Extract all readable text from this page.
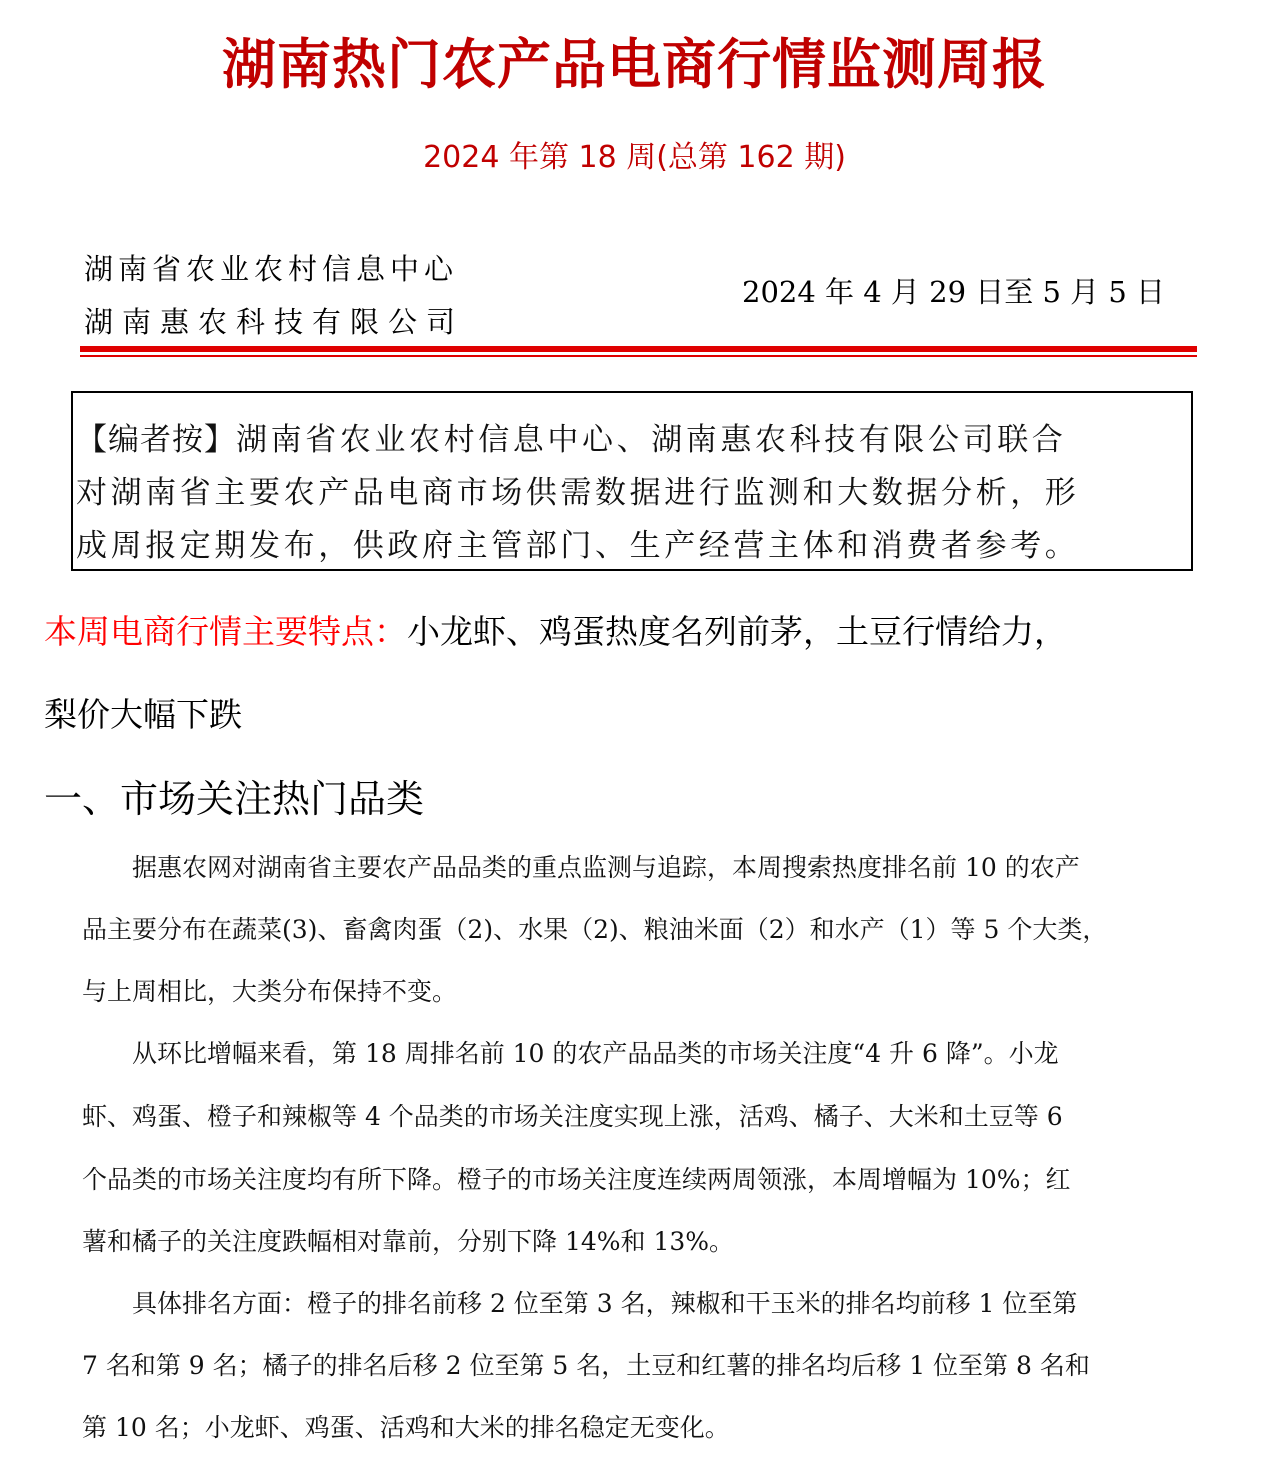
湖南热门农产品电商行情监测周报
2024 年第 18 周(总第 162 期)
湖南省农业农村信息中心
湖南惠农科技有限公司
2024 年 4 月 29 日至 5 月 5 日
【编者按】湖南省农业农村信息中心、湖南惠农科技有限公司联合
对湖南省主要农产品电商市场供需数据进行监测和大数据分析，形
成周报定期发布，供政府主管部门、生产经营主体和消费者参考。
本周电商行情主要特点：小龙虾、鸡蛋热度名列前茅，土豆行情给力，
梨价大幅下跌
一、市场关注热门品类
　　据惠农网对湖南省主要农产品品类的重点监测与追踪，本周搜索热度排名前 10 的农产
品主要分布在蔬菜(3)、畜禽肉蛋（2)、水果（2)、粮油米面（2）和水产（1）等 5 个大类，
与上周相比，大类分布保持不变。
　　从环比增幅来看，第 18 周排名前 10 的农产品品类的市场关注度“4 升 6 降”。小龙
虾、鸡蛋、橙子和辣椒等 4 个品类的市场关注度实现上涨，活鸡、橘子、大米和土豆等 6
个品类的市场关注度均有所下降。橙子的市场关注度连续两周领涨，本周增幅为 10%；红
薯和橘子的关注度跌幅相对靠前，分别下降 14%和 13%。
　　具体排名方面：橙子的排名前移 2 位至第 3 名，辣椒和干玉米的排名均前移 1 位至第
7 名和第 9 名；橘子的排名后移 2 位至第 5 名，土豆和红薯的排名均后移 1 位至第 8 名和
第 10 名；小龙虾、鸡蛋、活鸡和大米的排名稳定无变化。
